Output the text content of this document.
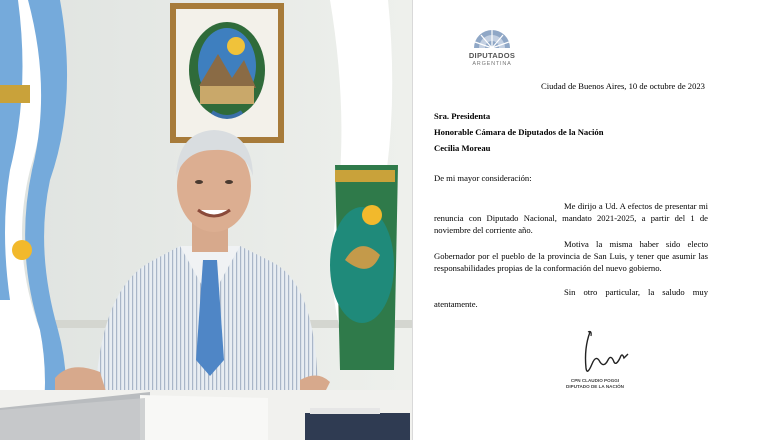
DIPUTADOS
ARGENTINA
Ciudad de Buenos Aires, 10 de octubre de 2023
Sra. Presidenta
Honorable Cámara de Diputados de la Nación
Cecilia Moreau
De mi mayor consideración:
Me dirijo a Ud. A efectos de presentar mi renuncia con Diputado Nacional, mandato 2021-2025, a partir del 1 de noviembre del corriente año.
Motiva la misma haber sido electo Gobernador por el pueblo de la provincia de San Luis, y tener que asumir las responsabilidades propias de la conformación del nuevo gobierno.
Sin otro particular, la saludo muy atentamente.
CPN CLAUDIO POGGI
DIPUTADO DE LA NACIÓN
